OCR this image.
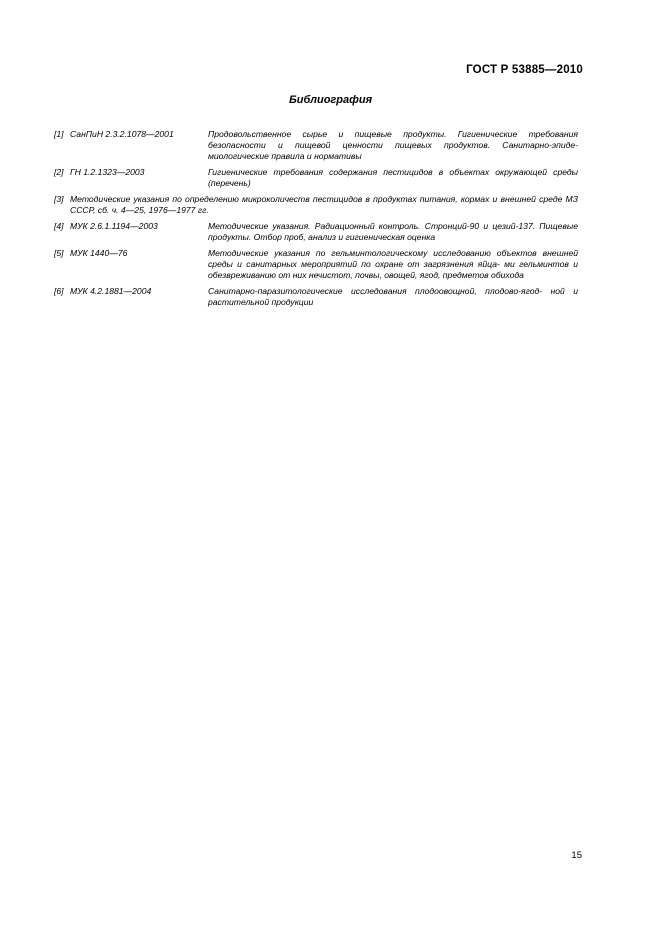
ГОСТ Р 53885—2010
Библиография
[1] СанПиН 2.3.2.1078—2001	Продовольственное сырье и пищевые продукты. Гигиенические требования безопасности и пищевой ценности пищевых продуктов. Санитарно-эпиде- миологические правила и нормативы
[2] ГН 1.2.1323—2003	Гигиенические требования содержания пестицидов в объектах окружающей среды (перечень)
[3] Методические указания по определению микроколичеств пестицидов в продуктах питания, кормах и внешней среде МЗ СССР, сб. ч. 4—25, 1976—1977 гг.
[4] МУК 2.6.1.1194—2003	Методические указания. Радиационный контроль. Стронций-90 и цезий-137. Пищевые продукты. Отбор проб, анализ и гигиеническая оценка
[5] МУК 1440—76	Методические указания по гельминтологическому исследованию объектов внешней среды и санитарных мероприятий по охране от загрязнения яйца- ми гельминтов и обезвреживанию от них нечистот, почвы, овощей, ягод, предметов обихода
[6] МУК 4.2.1881—2004	Санитарно-паразитологические исследования плодоовощной, плодово-ягод- ной и растительной продукции
15
